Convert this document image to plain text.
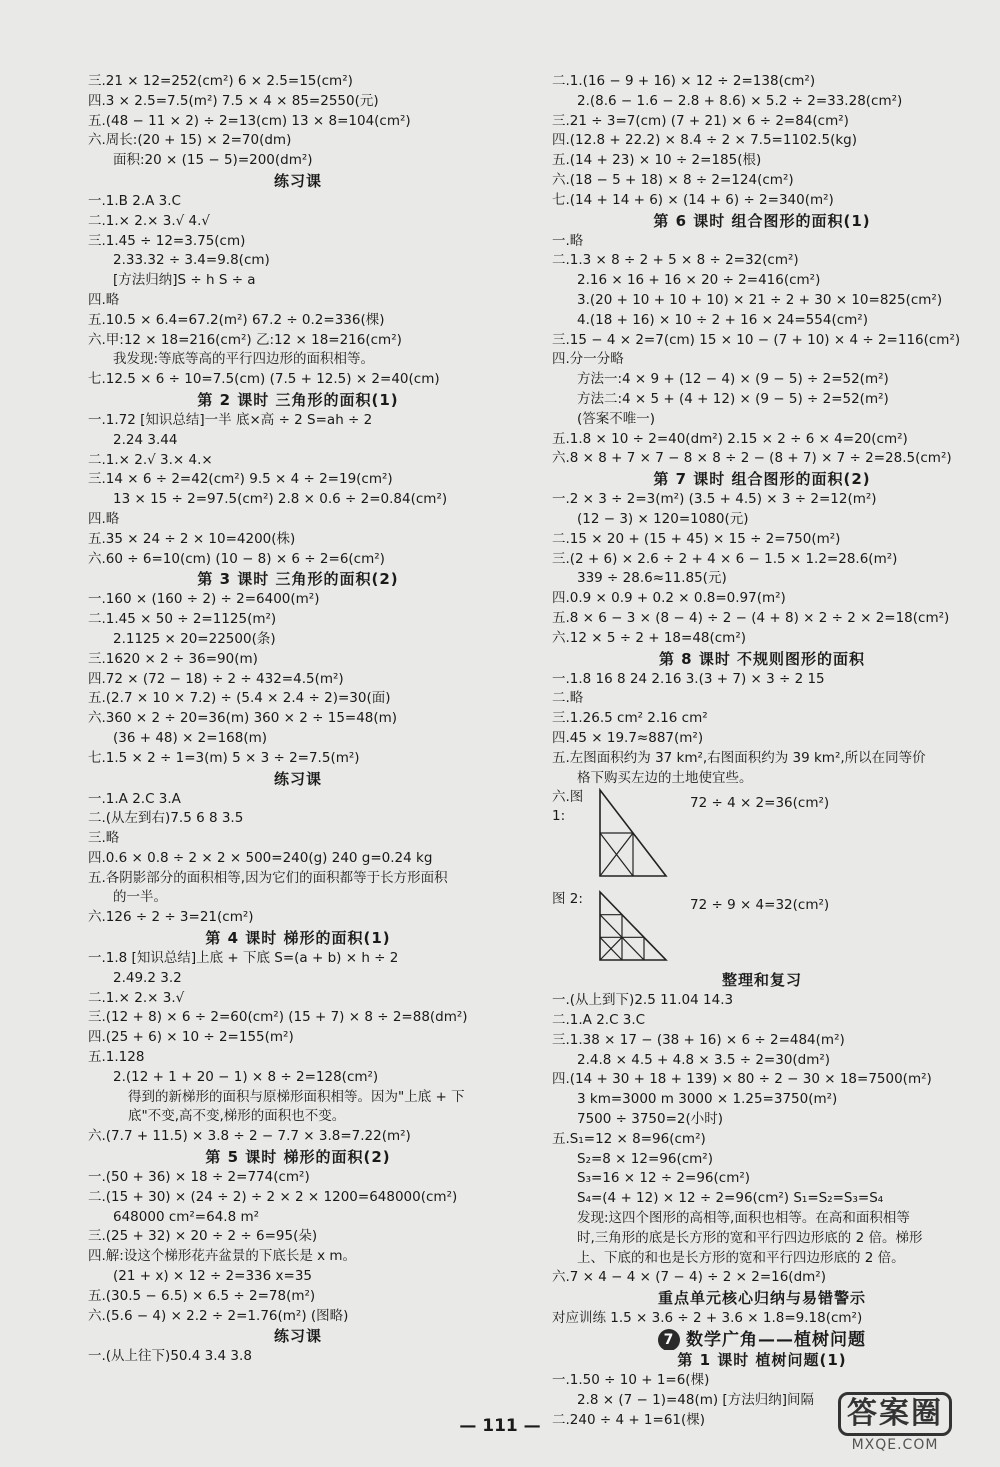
三.21 × 12=252(cm²) 6 × 2.5=15(cm²)
四.3 × 2.5=7.5(m²) 7.5 × 4 × 85=2550(元)
五.(48 − 11 × 2) ÷ 2=13(cm) 13 × 8=104(cm²)
六.周长:(20 + 15) × 2=70(dm)
面积:20 × (15 − 5)=200(dm²)
练习课
一.1.B 2.A 3.C
二.1.× 2.× 3.√ 4.√
三.1.45 ÷ 12=3.75(cm)
2.33.32 ÷ 3.4=9.8(cm)
[方法归纳]S ÷ h S ÷ a
四.略
五.10.5 × 6.4=67.2(m²) 67.2 ÷ 0.2=336(棵)
六.甲:12 × 18=216(cm²) 乙:12 × 18=216(cm²)
我发现:等底等高的平行四边形的面积相等。
七.12.5 × 6 ÷ 10=7.5(cm) (7.5 + 12.5) × 2=40(cm)
第 2 课时 三角形的面积(1)
一.1.72 [知识总结]一半 底×高 ÷ 2 S=ah ÷ 2
2.24 3.44
二.1.× 2.√ 3.× 4.×
三.14 × 6 ÷ 2=42(cm²) 9.5 × 4 ÷ 2=19(cm²)
13 × 15 ÷ 2=97.5(cm²) 2.8 × 0.6 ÷ 2=0.84(cm²)
四.略
五.35 × 24 ÷ 2 × 10=4200(株)
六.60 ÷ 6=10(cm) (10 − 8) × 6 ÷ 2=6(cm²)
第 3 课时 三角形的面积(2)
一.160 × (160 ÷ 2) ÷ 2=6400(m²)
二.1.45 × 50 ÷ 2=1125(m²)
2.1125 × 20=22500(条)
三.1620 × 2 ÷ 36=90(m)
四.72 × (72 − 18) ÷ 2 ÷ 432=4.5(m²)
五.(2.7 × 10 × 7.2) ÷ (5.4 × 2.4 ÷ 2)=30(面)
六.360 × 2 ÷ 20=36(m) 360 × 2 ÷ 15=48(m)
(36 + 48) × 2=168(m)
七.1.5 × 2 ÷ 1=3(m) 5 × 3 ÷ 2=7.5(m²)
练习课
一.1.A 2.C 3.A
二.(从左到右)7.5 6 8 3.5
三.略
四.0.6 × 0.8 ÷ 2 × 2 × 500=240(g) 240 g=0.24 kg
五.各阴影部分的面积相等,因为它们的面积都等于长方形面积
的一半。
六.126 ÷ 2 ÷ 3=21(cm²)
第 4 课时 梯形的面积(1)
一.1.8 [知识总结]上底 + 下底 S=(a + b) × h ÷ 2
2.49.2 3.2
二.1.× 2.× 3.√
三.(12 + 8) × 6 ÷ 2=60(cm²) (15 + 7) × 8 ÷ 2=88(dm²)
四.(25 + 6) × 10 ÷ 2=155(m²)
五.1.128
2.(12 + 1 + 20 − 1) × 8 ÷ 2=128(cm²)
得到的新梯形的面积与原梯形面积相等。因为"上底 + 下
底"不变,高不变,梯形的面积也不变。
六.(7.7 + 11.5) × 3.8 ÷ 2 − 7.7 × 3.8=7.22(m²)
第 5 课时 梯形的面积(2)
一.(50 + 36) × 18 ÷ 2=774(cm²)
二.(15 + 30) × (24 ÷ 2) ÷ 2 × 2 × 1200=648000(cm²)
648000 cm²=64.8 m²
三.(25 + 32) × 20 ÷ 2 ÷ 6=95(朵)
四.解:设这个梯形花卉盆景的下底长是 x m。
(21 + x) × 12 ÷ 2=336 x=35
五.(30.5 − 6.5) × 6.5 ÷ 2=78(m²)
六.(5.6 − 4) × 2.2 ÷ 2=1.76(m²) (图略)
练习课
一.(从上往下)50.4 3.4 3.8
二.1.(16 − 9 + 16) × 12 ÷ 2=138(cm²)
2.(8.6 − 1.6 − 2.8 + 8.6) × 5.2 ÷ 2=33.28(cm²)
三.21 ÷ 3=7(cm) (7 + 21) × 6 ÷ 2=84(cm²)
四.(12.8 + 22.2) × 8.4 ÷ 2 × 7.5=1102.5(kg)
五.(14 + 23) × 10 ÷ 2=185(根)
六.(18 − 5 + 18) × 8 ÷ 2=124(cm²)
七.(14 + 14 + 6) × (14 + 6) ÷ 2=340(m²)
第 6 课时 组合图形的面积(1)
一.略
二.1.3 × 8 ÷ 2 + 5 × 8 ÷ 2=32(cm²)
2.16 × 16 + 16 × 20 ÷ 2=416(cm²)
3.(20 + 10 + 10 + 10) × 21 ÷ 2 + 30 × 10=825(cm²)
4.(18 + 16) × 10 ÷ 2 + 16 × 24=554(cm²)
三.15 − 4 × 2=7(cm) 15 × 10 − (7 + 10) × 4 ÷ 2=116(cm²)
四.分一分略
方法一:4 × 9 + (12 − 4) × (9 − 5) ÷ 2=52(m²)
方法二:4 × 5 + (4 + 12) × (9 − 5) ÷ 2=52(m²)
(答案不唯一)
五.1.8 × 10 ÷ 2=40(dm²) 2.15 × 2 ÷ 6 × 4=20(cm²)
六.8 × 8 + 7 × 7 − 8 × 8 ÷ 2 − (8 + 7) × 7 ÷ 2=28.5(cm²)
第 7 课时 组合图形的面积(2)
一.2 × 3 ÷ 2=3(m²) (3.5 + 4.5) × 3 ÷ 2=12(m²)
(12 − 3) × 120=1080(元)
二.15 × 20 + (15 + 45) × 15 ÷ 2=750(m²)
三.(2 + 6) × 2.6 ÷ 2 + 4 × 6 − 1.5 × 1.2=28.6(m²)
339 ÷ 28.6≈11.85(元)
四.0.9 × 0.9 + 0.2 × 0.8=0.97(m²)
五.8 × 6 − 3 × (8 − 4) ÷ 2 − (4 + 8) × 2 ÷ 2 × 2=18(cm²)
六.12 × 5 ÷ 2 + 18=48(cm²)
第 8 课时 不规则图形的面积
一.1.8 16 8 24 2.16 3.(3 + 7) × 3 ÷ 2 15
二.略
三.1.26.5 cm² 2.16 cm²
四.45 × 19.7≈887(m²)
五.左图面积约为 37 km²,右图面积约为 39 km²,所以在同等价
格下购买左边的土地使宜些。
六.图 1:
72 ÷ 4 × 2=36(cm²)
图 2:	72 ÷ 9 × 4=32(cm²)
整理和复习
一.(从上到下)2.5 11.04 14.3
二.1.A 2.C 3.C
三.1.38 × 17 − (38 + 16) × 6 ÷ 2=484(m²)
2.4.8 × 4.5 + 4.8 × 3.5 ÷ 2=30(dm²)
四.(14 + 30 + 18 + 139) × 80 ÷ 2 − 30 × 18=7500(m²)
3 km=3000 m 3000 × 1.25=3750(m²)
7500 ÷ 3750=2(小时)
五.S₁=12 × 8=96(cm²)
S₂=8 × 12=96(cm²)
S₃=16 × 12 ÷ 2=96(cm²)
S₄=(4 + 12) × 12 ÷ 2=96(cm²) S₁=S₂=S₃=S₄
发现:这四个图形的高相等,面积也相等。在高和面积相等
时,三角形的底是长方形的宽和平行四边形底的 2 倍。梯形
上、下底的和也是长方形的宽和平行四边形底的 2 倍。
六.7 × 4 − 4 × (7 − 4) ÷ 2 × 2=16(dm²)
重点单元核心归纳与易错警示
对应训练 1.5 × 3.6 ÷ 2 + 3.6 × 1.8=9.18(cm²)
7 数学广角——植树问题
第 1 课时 植树问题(1)
一.1.50 ÷ 10 + 1=6(棵)
2.8 × (7 − 1)=48(m) [方法归纳]间隔
二.240 ÷ 4 + 1=61(棵)
— 111 —	答案圈
MXQE.COM
